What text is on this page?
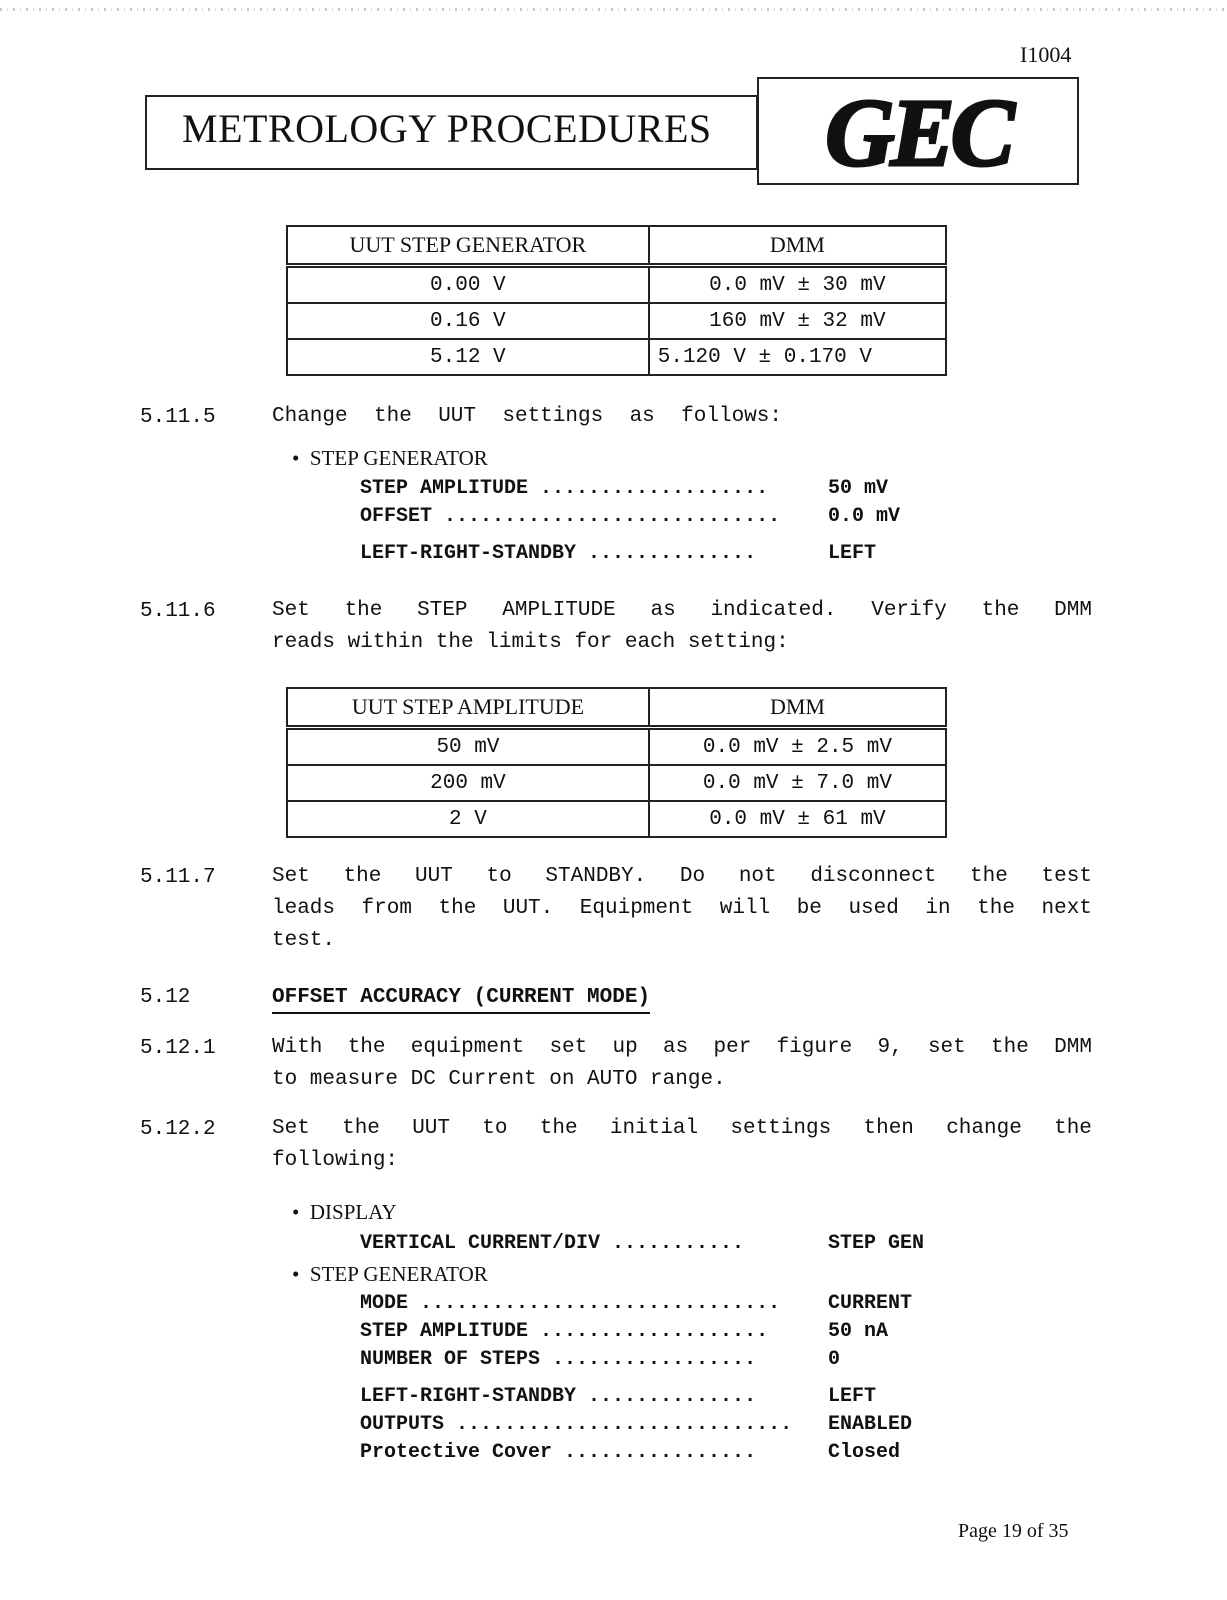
I1004
METROLOGY PROCEDURES GEC
UUT STEP GENERATOR	DMM
0.00 V	0.0 mV ± 30 mV
0.16 V	160 mV ± 32 mV
5.12 V	5.120 V ± 0.170 V
5.11.5	Change the UUT settings as follows:
•  STEP GENERATOR
STEP AMPLITUDE ...................	50 mV
OFFSET ............................ 0.0 mV
LEFT-RIGHT-STANDBY ..............	LEFT
5.11.6	Set the STEP AMPLITUDE as indicated. Verify the DMM
reads within the limits for each setting:
UUT STEP AMPLITUDE	DMM
50 mV	0.0 mV ± 2.5 mV
200 mV	0.0 mV ± 7.0 mV
2 V	0.0 mV ± 61 mV
5.11.7	Set the UUT to STANDBY. Do not disconnect the test
leads from the UUT. Equipment will be used in the next
test.
5.12	OFFSET ACCURACY (CURRENT MODE)
5.12.1	With the equipment set up as per figure 9, set the DMM
to measure DC Current on AUTO range.
5.12.2	Set the UUT to the initial settings then change the
following:
•  DISPLAY
VERTICAL CURRENT/DIV ...........	STEP GEN
•  STEP GENERATOR
MODE .............................. CURRENT
STEP AMPLITUDE ...................	50 nA
NUMBER OF STEPS .................	0
LEFT-RIGHT-STANDBY ..............	LEFT
OUTPUTS ............................ ENABLED
Protective Cover ................	Closed
Page 19 of 35
